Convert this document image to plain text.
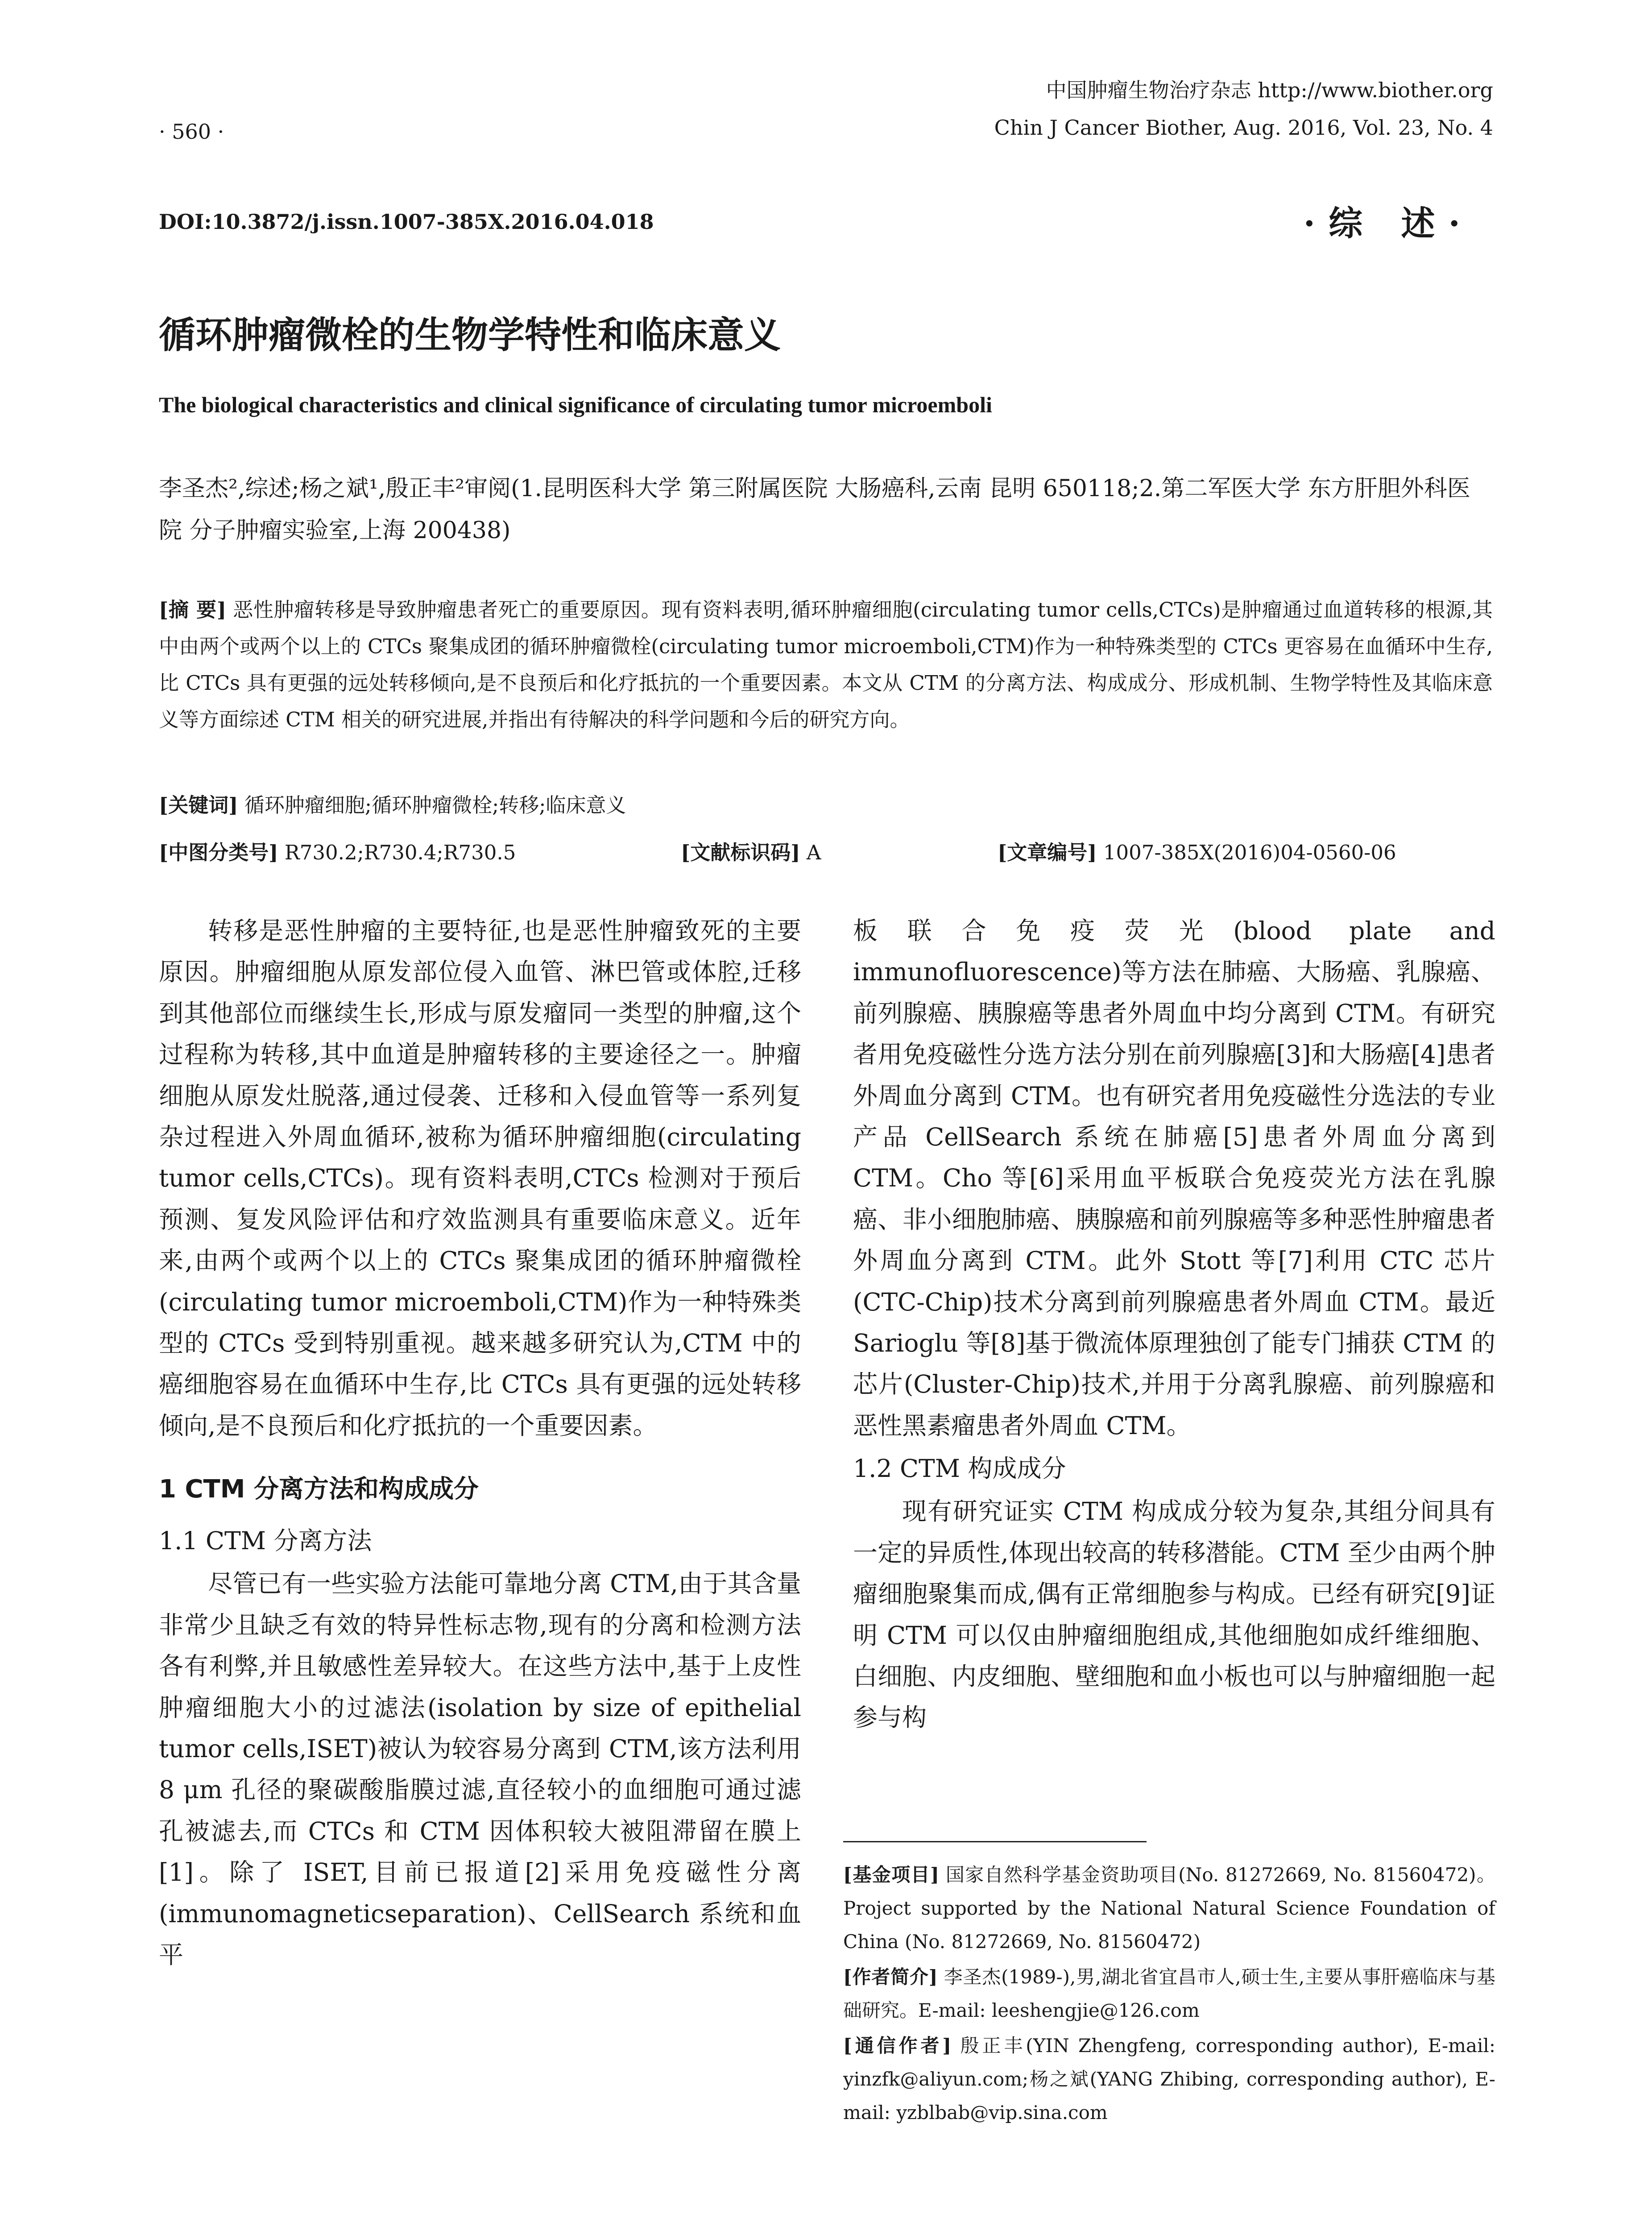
· 560 ·
中国肿瘤生物治疗杂志 http://www.biother.org
Chin J Cancer Biother, Aug. 2016, Vol. 23, No. 4
DOI:10.3872/j.issn.1007-385X.2016.04.018	·综 述·
循环肿瘤微栓的生物学特性和临床意义
The biological characteristics and clinical significance of circulating tumor microemboli
李圣杰²,综述;杨之斌¹,殷正丰²审阅(1.昆明医科大学 第三附属医院 大肠癌科,云南 昆明 650118;2.第二军医大学 东方肝胆外科医院 分子肿瘤实验室,上海 200438)
[摘 要] 恶性肿瘤转移是导致肿瘤患者死亡的重要原因。现有资料表明,循环肿瘤细胞(circulating tumor cells,CTCs)是肿瘤通过血道转移的根源,其中由两个或两个以上的 CTCs 聚集成团的循环肿瘤微栓(circulating tumor microemboli,CTM)作为一种特殊类型的 CTCs 更容易在血循环中生存,比 CTCs 具有更强的远处转移倾向,是不良预后和化疗抵抗的一个重要因素。本文从 CTM 的分离方法、构成成分、形成机制、生物学特性及其临床意义等方面综述 CTM 相关的研究进展,并指出有待解决的科学问题和今后的研究方向。
[关键词] 循环肿瘤细胞;循环肿瘤微栓;转移;临床意义
[中图分类号] R730.2;R730.4;R730.5	[文献标识码] A	[文章编号] 1007-385X(2016)04-0560-06

转移是恶性肿瘤的主要特征,也是恶性肿瘤致死的主要原因。肿瘤细胞从原发部位侵入血管、淋巴管或体腔,迁移到其他部位而继续生长,形成与原发瘤同一类型的肿瘤,这个过程称为转移,其中血道是肿瘤转移的主要途径之一。肿瘤细胞从原发灶脱落,通过侵袭、迁移和入侵血管等一系列复杂过程进入外周血循环,被称为循环肿瘤细胞(circulating tumor cells,CTCs)。现有资料表明,CTCs 检测对于预后预测、复发风险评估和疗效监测具有重要临床意义。近年来,由两个或两个以上的 CTCs 聚集成团的循环肿瘤微栓(circulating tumor microemboli,CTM)作为一种特殊类型的 CTCs 受到特别重视。越来越多研究认为,CTM 中的癌细胞容易在血循环中生存,比 CTCs 具有更强的远处转移倾向,是不良预后和化疗抵抗的一个重要因素。

1 CTM 分离方法和构成成分
1.1 CTM 分离方法

尽管已有一些实验方法能可靠地分离 CTM,由于其含量非常少且缺乏有效的特异性标志物,现有的分离和检测方法各有利弊,并且敏感性差异较大。在这些方法中,基于上皮性肿瘤细胞大小的过滤法(isolation by size of epithelial tumor cells,ISET)被认为较容易分离到 CTM,该方法利用 8 μm 孔径的聚碳酸脂膜过滤,直径较小的血细胞可通过滤孔被滤去,而 CTCs 和 CTM 因体积较大被阻滞留在膜上[1]。除了 ISET,目前已报道[2]采用免疫磁性分离(immunomagneticseparation)、CellSearch 系统和血平

板联合免疫荧光(blood plate and immunofluorescence)等方法在肺癌、大肠癌、乳腺癌、前列腺癌、胰腺癌等患者外周血中均分离到 CTM。有研究者用免疫磁性分选方法分别在前列腺癌[3]和大肠癌[4]患者外周血分离到 CTM。也有研究者用免疫磁性分选法的专业产品 CellSearch 系统在肺癌[5]患者外周血分离到 CTM。Cho 等[6]采用血平板联合免疫荧光方法在乳腺癌、非小细胞肺癌、胰腺癌和前列腺癌等多种恶性肿瘤患者外周血分离到 CTM。此外 Stott 等[7]利用 CTC 芯片(CTC-Chip)技术分离到前列腺癌患者外周血 CTM。最近 Sarioglu 等[8]基于微流体原理独创了能专门捕获 CTM 的芯片(Cluster-Chip)技术,并用于分离乳腺癌、前列腺癌和恶性黑素瘤患者外周血 CTM。

1.2 CTM 构成成分

现有研究证实 CTM 构成成分较为复杂,其组分间具有一定的异质性,体现出较高的转移潜能。CTM 至少由两个肿瘤细胞聚集而成,偶有正常细胞参与构成。已经有研究[9]证明 CTM 可以仅由肿瘤细胞组成,其他细胞如成纤维细胞、白细胞、内皮细胞、壁细胞和血小板也可以与肿瘤细胞一起参与构

[基金项目] 国家自然科学基金资助项目(No. 81272669, No. 81560472)。Project supported by the National Natural Science Foundation of China (No. 81272669, No. 81560472)

[作者简介] 李圣杰(1989-),男,湖北省宜昌市人,硕士生,主要从事肝癌临床与基础研究。E-mail: leeshengjie@126.com

[通信作者] 殷正丰(YIN Zhengfeng, corresponding author), E-mail: yinzfk@aliyun.com;杨之斌(YANG Zhibing, corresponding author), E-mail: yzblbab@vip.sina.com
